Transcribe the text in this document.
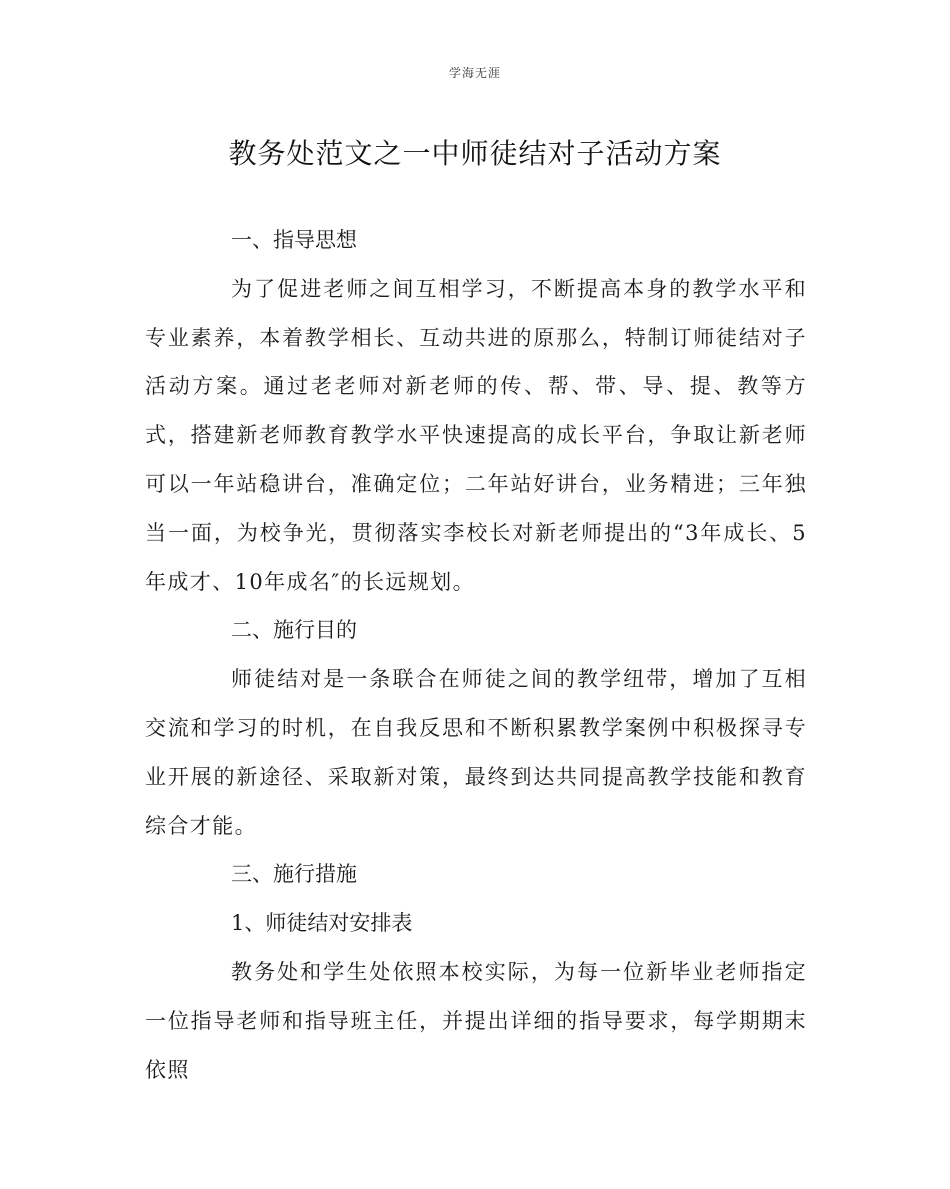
学海无涯
教务处范文之一中师徒结对子活动方案

一、指导思想

为了促进老师之间互相学习，不断提高本身的教学水平和专业素养，本着教学相长、互动共进的原那么，特制订师徒结对子活动方案。通过老老师对新老师的传、帮、带、导、提、教等方式，搭建新老师教育教学水平快速提高的成长平台，争取让新老师可以一年站稳讲台，准确定位；二年站好讲台，业务精进；三年独当一面，为校争光，贯彻落实李校长对新老师提出的“3年成长、5年成才、10年成名″的长远规划。

二、施行目的

师徒结对是一条联合在师徒之间的教学纽带，增加了互相交流和学习的时机，在自我反思和不断积累教学案例中积极探寻专业开展的新途径、采取新对策，最终到达共同提高教学技能和教育综合才能。

三、施行措施

1、师徒结对安排表

教务处和学生处依照本校实际，为每一位新毕业老师指定一位指导老师和指导班主任，并提出详细的指导要求，每学期期末依照
